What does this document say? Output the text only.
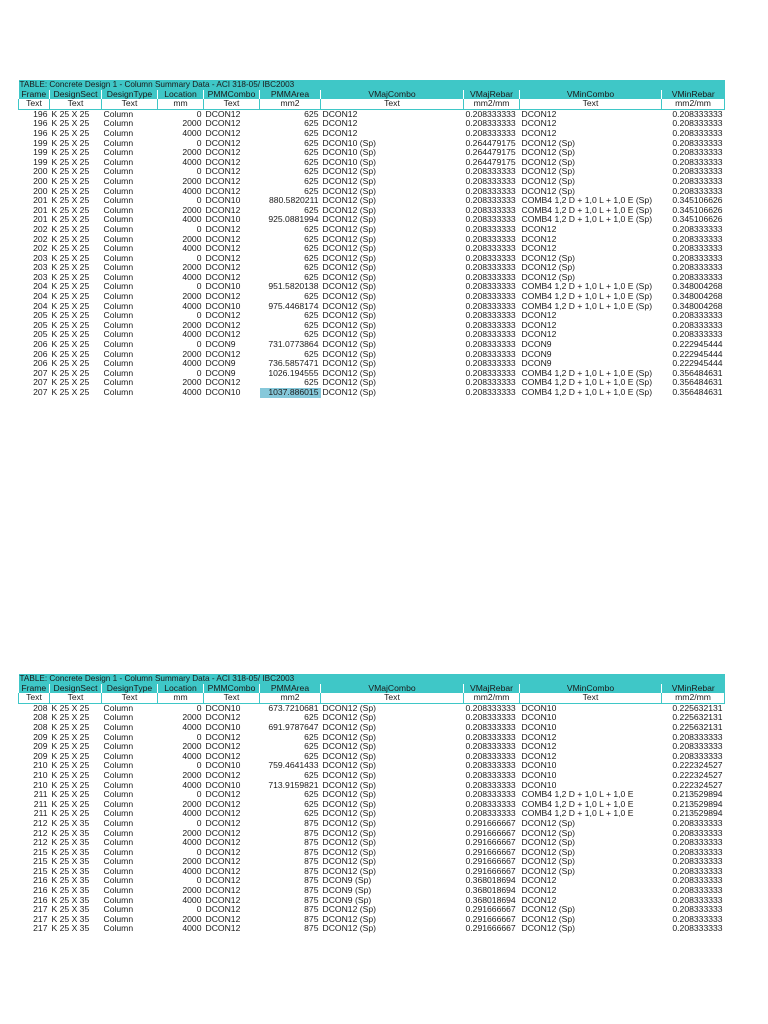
TABLE: Concrete Design 1 - Column Summary Data - ACI 318-05/ IBC2003									
Frame	DesignSect	DesignType	Location	PMMCombo	PMMArea	VMajCombo	VMajRebar	VMinCombo	VMinRebar
Text	Text	Text	mm	Text	mm2	Text	mm2/mm	Text	mm2/mm
196	K 25 X 25	Column	0	DCON12	625	DCON12	0.208333333	DCON12	0.208333333
196	K 25 X 25	Column	2000	DCON12	625	DCON12	0.208333333	DCON12	0.208333333
196	K 25 X 25	Column	4000	DCON12	625	DCON12	0.208333333	DCON12	0.208333333
199	K 25 X 25	Column	0	DCON12	625	DCON10 (Sp)	0.264479175	DCON12 (Sp)	0.208333333
199	K 25 X 25	Column	2000	DCON12	625	DCON10 (Sp)	0.264479175	DCON12 (Sp)	0.208333333
199	K 25 X 25	Column	4000	DCON12	625	DCON10 (Sp)	0.264479175	DCON12 (Sp)	0.208333333
200	K 25 X 25	Column	0	DCON12	625	DCON12 (Sp)	0.208333333	DCON12 (Sp)	0.208333333
200	K 25 X 25	Column	2000	DCON12	625	DCON12 (Sp)	0.208333333	DCON12 (Sp)	0.208333333
200	K 25 X 25	Column	4000	DCON12	625	DCON12 (Sp)	0.208333333	DCON12 (Sp)	0.208333333
201	K 25 X 25	Column	0	DCON10	880.5820211	DCON12 (Sp)	0.208333333	COMB4 1,2 D + 1,0 L + 1,0 E (Sp)	0.345106626
201	K 25 X 25	Column	2000	DCON12	625	DCON12 (Sp)	0.208333333	COMB4 1,2 D + 1,0 L + 1,0 E (Sp)	0.345106626
201	K 25 X 25	Column	4000	DCON10	925.0881994	DCON12 (Sp)	0.208333333	COMB4 1,2 D + 1,0 L + 1,0 E (Sp)	0.345106626
202	K 25 X 25	Column	0	DCON12	625	DCON12 (Sp)	0.208333333	DCON12	0.208333333
202	K 25 X 25	Column	2000	DCON12	625	DCON12 (Sp)	0.208333333	DCON12	0.208333333
202	K 25 X 25	Column	4000	DCON12	625	DCON12 (Sp)	0.208333333	DCON12	0.208333333
203	K 25 X 25	Column	0	DCON12	625	DCON12 (Sp)	0.208333333	DCON12 (Sp)	0.208333333
203	K 25 X 25	Column	2000	DCON12	625	DCON12 (Sp)	0.208333333	DCON12 (Sp)	0.208333333
203	K 25 X 25	Column	4000	DCON12	625	DCON12 (Sp)	0.208333333	DCON12 (Sp)	0.208333333
204	K 25 X 25	Column	0	DCON10	951.5820138	DCON12 (Sp)	0.208333333	COMB4 1,2 D + 1,0 L + 1,0 E (Sp)	0.348004268
204	K 25 X 25	Column	2000	DCON12	625	DCON12 (Sp)	0.208333333	COMB4 1,2 D + 1,0 L + 1,0 E (Sp)	0.348004268
204	K 25 X 25	Column	4000	DCON10	975.4468174	DCON12 (Sp)	0.208333333	COMB4 1,2 D + 1,0 L + 1,0 E (Sp)	0.348004268
205	K 25 X 25	Column	0	DCON12	625	DCON12 (Sp)	0.208333333	DCON12	0.208333333
205	K 25 X 25	Column	2000	DCON12	625	DCON12 (Sp)	0.208333333	DCON12	0.208333333
205	K 25 X 25	Column	4000	DCON12	625	DCON12 (Sp)	0.208333333	DCON12	0.208333333
206	K 25 X 25	Column	0	DCON9	731.0773864	DCON12 (Sp)	0.208333333	DCON9	0.222945444
206	K 25 X 25	Column	2000	DCON12	625	DCON12 (Sp)	0.208333333	DCON9	0.222945444
206	K 25 X 25	Column	4000	DCON9	736.5857471	DCON12 (Sp)	0.208333333	DCON9	0.222945444
207	K 25 X 25	Column	0	DCON9	1026.194555	DCON12 (Sp)	0.208333333	COMB4 1,2 D + 1,0 L + 1,0 E (Sp)	0.356484631
207	K 25 X 25	Column	2000	DCON12	625	DCON12 (Sp)	0.208333333	COMB4 1,2 D + 1,0 L + 1,0 E (Sp)	0.356484631
207	K 25 X 25	Column	4000	DCON10	1037.886015	DCON12 (Sp)	0.208333333	COMB4 1,2 D + 1,0 L + 1,0 E (Sp)	0.356484631
TABLE: Concrete Design 1 - Column Summary Data - ACI 318-05/ IBC2003									
Frame	DesignSect	DesignType	Location	PMMCombo	PMMArea	VMajCombo	VMajRebar	VMinCombo	VMinRebar
Text	Text	Text	mm	Text	mm2	Text	mm2/mm	Text	mm2/mm
208	K 25 X 25	Column	0	DCON10	673.7210681	DCON12 (Sp)	0.208333333	DCON10	0.225632131
208	K 25 X 25	Column	2000	DCON12	625	DCON12 (Sp)	0.208333333	DCON10	0.225632131
208	K 25 X 25	Column	4000	DCON10	691.9787647	DCON12 (Sp)	0.208333333	DCON10	0.225632131
209	K 25 X 25	Column	0	DCON12	625	DCON12 (Sp)	0.208333333	DCON12	0.208333333
209	K 25 X 25	Column	2000	DCON12	625	DCON12 (Sp)	0.208333333	DCON12	0.208333333
209	K 25 X 25	Column	4000	DCON12	625	DCON12 (Sp)	0.208333333	DCON12	0.208333333
210	K 25 X 25	Column	0	DCON10	759.4641433	DCON12 (Sp)	0.208333333	DCON10	0.222324527
210	K 25 X 25	Column	2000	DCON12	625	DCON12 (Sp)	0.208333333	DCON10	0.222324527
210	K 25 X 25	Column	4000	DCON10	713.9159821	DCON12 (Sp)	0.208333333	DCON10	0.222324527
211	K 25 X 25	Column	0	DCON12	625	DCON12 (Sp)	0.208333333	COMB4 1,2 D + 1,0 L + 1,0 E	0.213529894
211	K 25 X 25	Column	2000	DCON12	625	DCON12 (Sp)	0.208333333	COMB4 1,2 D + 1,0 L + 1,0 E	0.213529894
211	K 25 X 25	Column	4000	DCON12	625	DCON12 (Sp)	0.208333333	COMB4 1,2 D + 1,0 L + 1,0 E	0.213529894
212	K 25 X 35	Column	0	DCON12	875	DCON12 (Sp)	0.291666667	DCON12 (Sp)	0.208333333
212	K 25 X 35	Column	2000	DCON12	875	DCON12 (Sp)	0.291666667	DCON12 (Sp)	0.208333333
212	K 25 X 35	Column	4000	DCON12	875	DCON12 (Sp)	0.291666667	DCON12 (Sp)	0.208333333
215	K 25 X 35	Column	0	DCON12	875	DCON12 (Sp)	0.291666667	DCON12 (Sp)	0.208333333
215	K 25 X 35	Column	2000	DCON12	875	DCON12 (Sp)	0.291666667	DCON12 (Sp)	0.208333333
215	K 25 X 35	Column	4000	DCON12	875	DCON12 (Sp)	0.291666667	DCON12 (Sp)	0.208333333
216	K 25 X 35	Column	0	DCON12	875	DCON9 (Sp)	0.368018694	DCON12	0.208333333
216	K 25 X 35	Column	2000	DCON12	875	DCON9 (Sp)	0.368018694	DCON12	0.208333333
216	K 25 X 35	Column	4000	DCON12	875	DCON9 (Sp)	0.368018694	DCON12	0.208333333
217	K 25 X 35	Column	0	DCON12	875	DCON12 (Sp)	0.291666667	DCON12 (Sp)	0.208333333
217	K 25 X 35	Column	2000	DCON12	875	DCON12 (Sp)	0.291666667	DCON12 (Sp)	0.208333333
217	K 25 X 35	Column	4000	DCON12	875	DCON12 (Sp)	0.291666667	DCON12 (Sp)	0.208333333
